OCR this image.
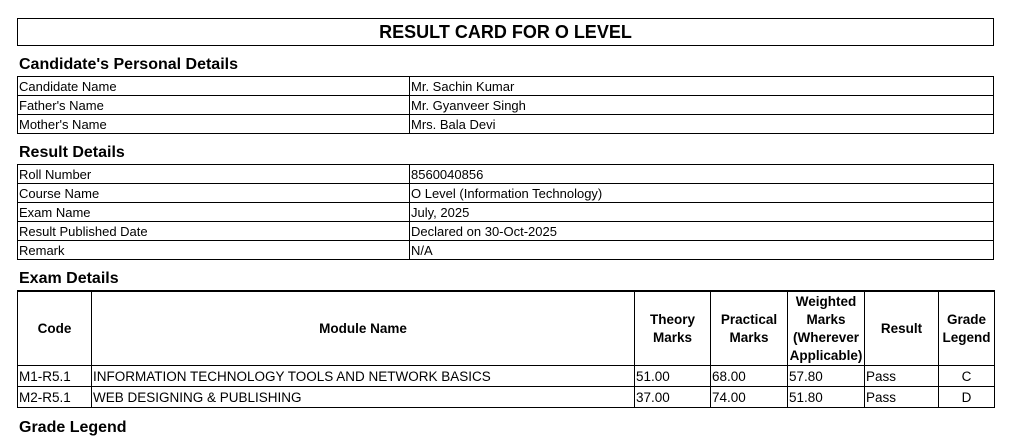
RESULT CARD FOR O LEVEL
Candidate's Personal Details
Candidate Name	Mr. Sachin Kumar
Father's Name	Mr. Gyanveer Singh
Mother's Name	Mrs. Bala Devi
Result Details
Roll Number	8560040856
Course Name	O Level (Information Technology)
Exam Name	July, 2025
Result Published Date	Declared on 30-Oct-2025
Remark	N/A
Exam Details
Code	Module Name	Theory Marks	Practical Marks	Weighted Marks (Wherever Applicable)	Result	Grade Legend
M1-R5.1	INFORMATION TECHNOLOGY TOOLS AND NETWORK BASICS	51.00	68.00	57.80	Pass	C
M2-R5.1	WEB DESIGNING & PUBLISHING	37.00	74.00	51.80	Pass	D
Grade Legend
